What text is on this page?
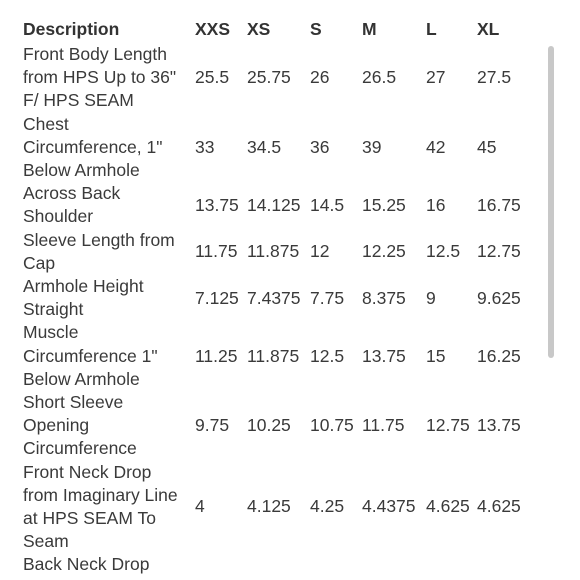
Description	XXS	XS	S	M	L	XL

Front Body Length
from HPS Up to 36"
F/ HPS SEAM	25.5	25.75	26	26.5	27	27.5

Chest
Circumference, 1"
Below Armhole	33	34.5	36	39	42	45

Across Back
Shoulder	13.75	14.125	14.5	15.25	16	16.75

Sleeve Length from
Cap	11.75	11.875	12	12.25	12.5	12.75

Armhole Height
Straight	7.125	7.4375	7.75	8.375	9	9.625

Muscle
Circumference 1"
Below Armhole	11.25	11.875	12.5	13.75	15	16.25

Short Sleeve
Opening
Circumference	9.75	10.25	10.75	11.75	12.75	13.75

Front Neck Drop
from Imaginary Line
at HPS SEAM To
Seam	4	4.125	4.25	4.4375	4.625	4.625

Back Neck Drop						
